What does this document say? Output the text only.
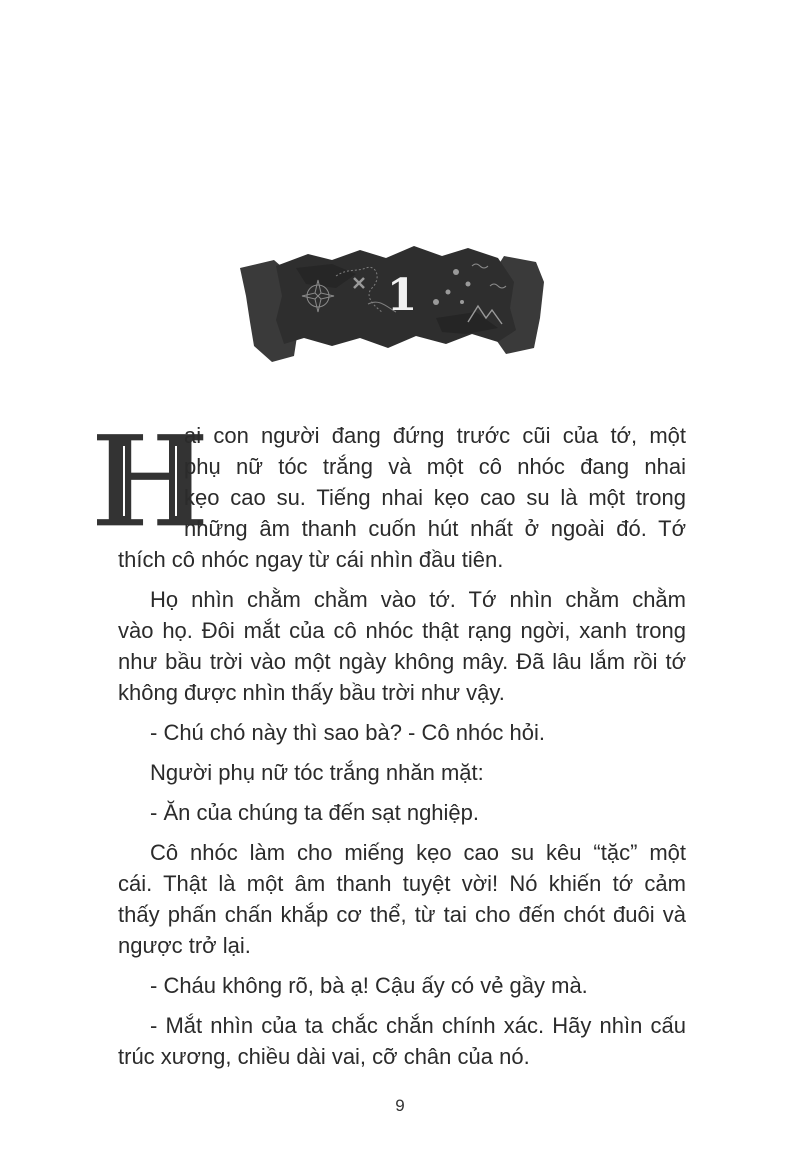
1
H

ai con người đang đứng trước cũi của tớ, một
phụ nữ tóc trắng và một cô nhóc đang nhai
kẹo cao su. Tiếng nhai kẹo cao su là một trong
những âm thanh cuốn hút nhất ở ngoài đó. Tớ
thích cô nhóc ngay từ cái nhìn đầu tiên.

Họ nhìn chằm chằm vào tớ. Tớ nhìn chằm chằm
vào họ. Đôi mắt của cô nhóc thật rạng ngời, xanh trong
như bầu trời vào một ngày không mây. Đã lâu lắm rồi tớ
không được nhìn thấy bầu trời như vậy.

- Chú chó này thì sao bà? - Cô nhóc hỏi.

Người phụ nữ tóc trắng nhăn mặt:

- Ăn của chúng ta đến sạt nghiệp.

Cô nhóc làm cho miếng kẹo cao su kêu “tặc” một
cái. Thật là một âm thanh tuyệt vời! Nó khiến tớ cảm
thấy phấn chấn khắp cơ thể, từ tai cho đến chót đuôi và
ngược trở lại.

- Cháu không rõ, bà ạ! Cậu ấy có vẻ gầy mà.

- Mắt nhìn của ta chắc chắn chính xác. Hãy nhìn cấu
trúc xương, chiều dài vai, cỡ chân của nó.

9
